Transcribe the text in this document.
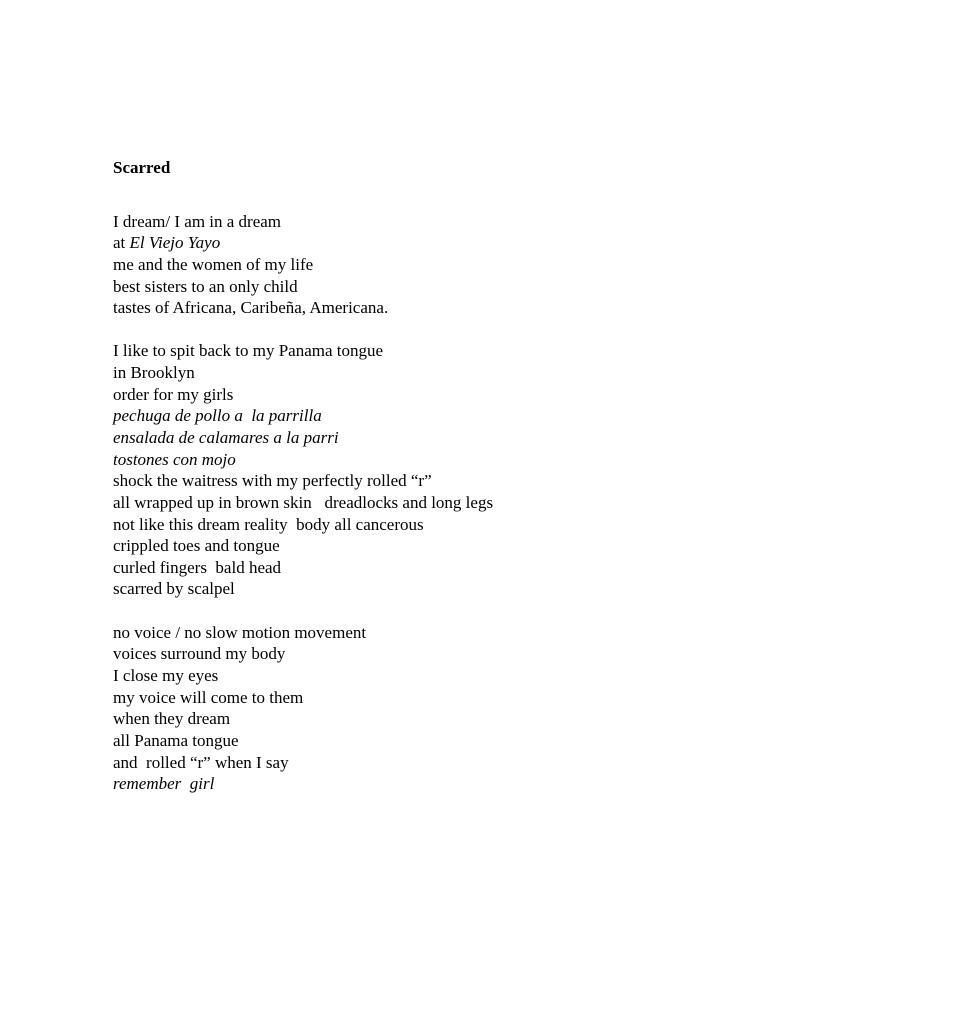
Scarred
I dream/ I am in a dream
at El Viejo Yayo
me and the women of my life
best sisters to an only child
tastes of Africana, Caribeña, Americana.
I like to spit back to my Panama tongue
in Brooklyn
order for my girls
pechuga de pollo a  la parrilla
ensalada de calamares a la parri
tostones con mojo
shock the waitress with my perfectly rolled “r”
all wrapped up in brown skin   dreadlocks and long legs
not like this dream reality  body all cancerous
crippled toes and tongue
curled fingers  bald head
scarred by scalpel
no voice / no slow motion movement
voices surround my body
I close my eyes
my voice will come to them
when they dream
all Panama tongue
and  rolled “r” when I say
remember  girl
